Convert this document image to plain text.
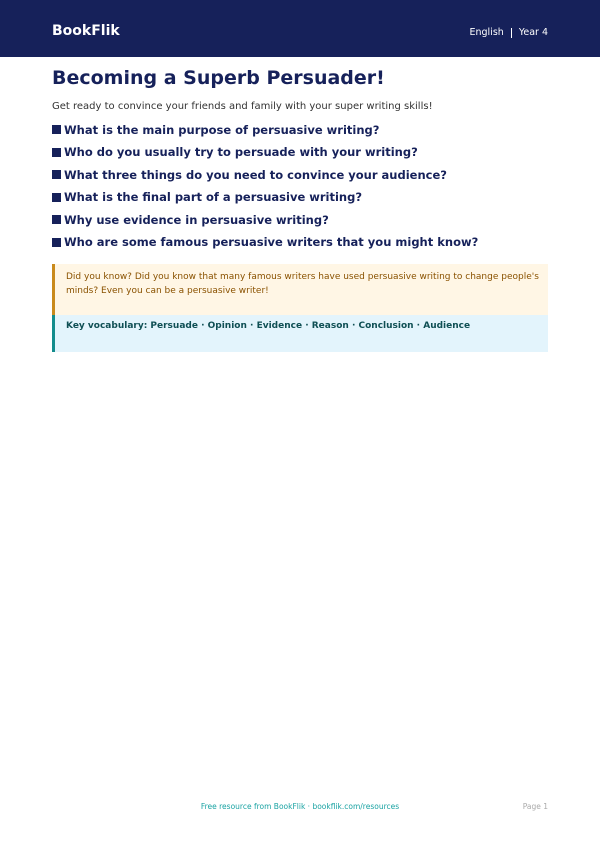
BookFlik	English Year 4
Becoming a Superb Persuader!

Get ready to convince your friends and family with your super writing skills!

What is the main purpose of persuasive writing?
Who do you usually try to persuade with your writing?
What three things do you need to convince your audience?
What is the final part of a persuasive writing?
Why use evidence in persuasive writing?
Who are some famous persuasive writers that you might know?

Did you know? Did you know that many famous writers have used persuasive writing to change people's minds? Even you can be a persuasive writer!

Key vocabulary: Persuade · Opinion · Evidence · Reason · Conclusion · Audience

Free resource from BookFlik · bookflik.com/resources	Page 1
